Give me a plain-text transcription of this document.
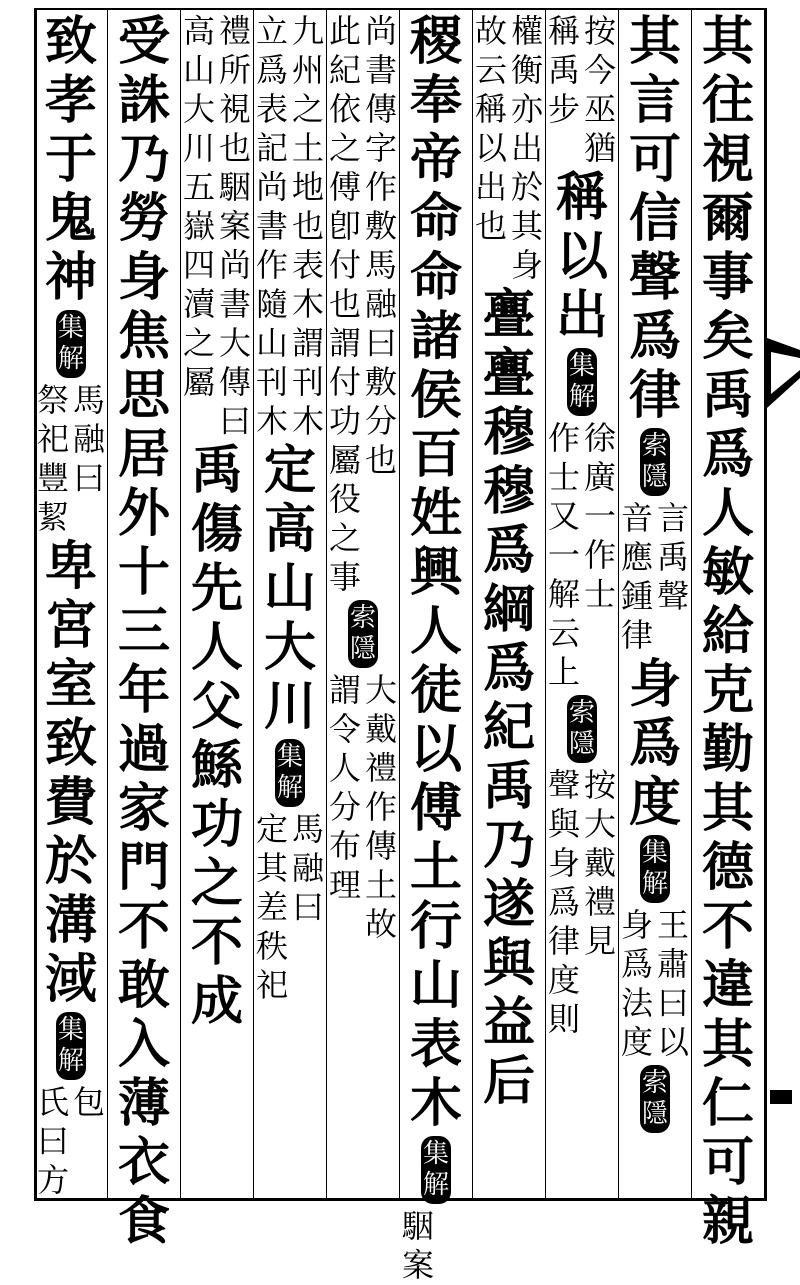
其
往
視
爾
事
矣
禹
爲
人
敏
給
克
勤
其
德
不
違
其
仁
可
親
其
言
可
信
聲
爲
律
索
隱
言
禹
聲
音
應
鍾
律
身
爲
度
集
解
王
肅
曰
以
身
爲
法
度
索
隱
按
今
巫
猶
稱
禹
步
稱
以
出
集
解
徐
廣
一
作
士
作
士
又
一
解
云
上
索
隱
按
大
戴
禮
見
聲
與
身
爲
律
度
則
權
衡
亦
出
於
其
身
故
云
稱
以
出
也
亹
亹
穆
穆
爲
綱
爲
紀
禹
乃
遂
與
益
后
稷
奉
帝
命
命
諸
侯
百
姓
興
人
徒
以
傅
土
行
山
表
木
集
解
駰
案
尚
書
傳
字
作
敷
馬
融
曰
敷
分
也
此
紀
依
之
傅
卽
付
也
謂
付
功
屬
役
之
事
索
隱
大
戴
禮
作
傳
土
故
謂
令
人
分
布
理
九
州
之
土
地
也
表
木
謂
刊
木
立
爲
表
記
尚
書
作
隨
山
刊
木
定
高
山
大
川
集
解
馬
融
曰
定
其
差
秩
祀
禮
所
視
也
駰
案
尚
書
大
傳
曰
高
山
大
川
五
嶽
四
瀆
之
屬
禹
傷
先
人
父
鯀
功
之
不
成
受
誅
乃
勞
身
焦
思
居
外
十
三
年
過
家
門
不
敢
入
薄
衣
食
致
孝
于
鬼
神
集
解
馬
融
曰
祭
祀
豐
絜
卑
宮
室
致
費
於
溝
淢
集
解
包
氏
曰
方
